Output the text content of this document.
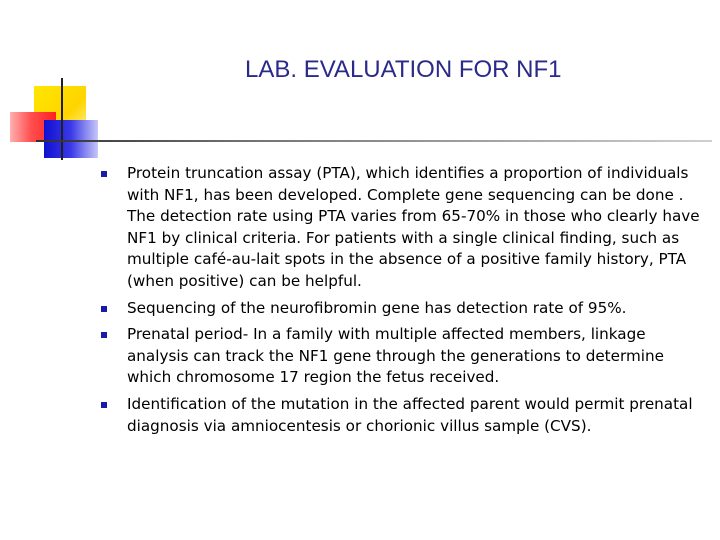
LAB. EVALUATION FOR NF1
Protein truncation assay (PTA), which identifies a proportion of individuals with NF1, has been developed. Complete gene sequencing can be done . The detection rate using PTA varies from 65-70% in those who clearly have NF1 by clinical criteria. For patients with a single clinical finding, such as multiple café-au-lait spots in the absence of a positive family history, PTA (when positive) can be helpful.
Sequencing of the neurofibromin gene has detection rate of 95%.
Prenatal period- In a family with multiple affected members, linkage analysis can track the NF1 gene through the generations to determine which chromosome 17 region the fetus received.
Identification of the mutation in the affected parent would permit prenatal diagnosis via amniocentesis or chorionic villus sample (CVS).
